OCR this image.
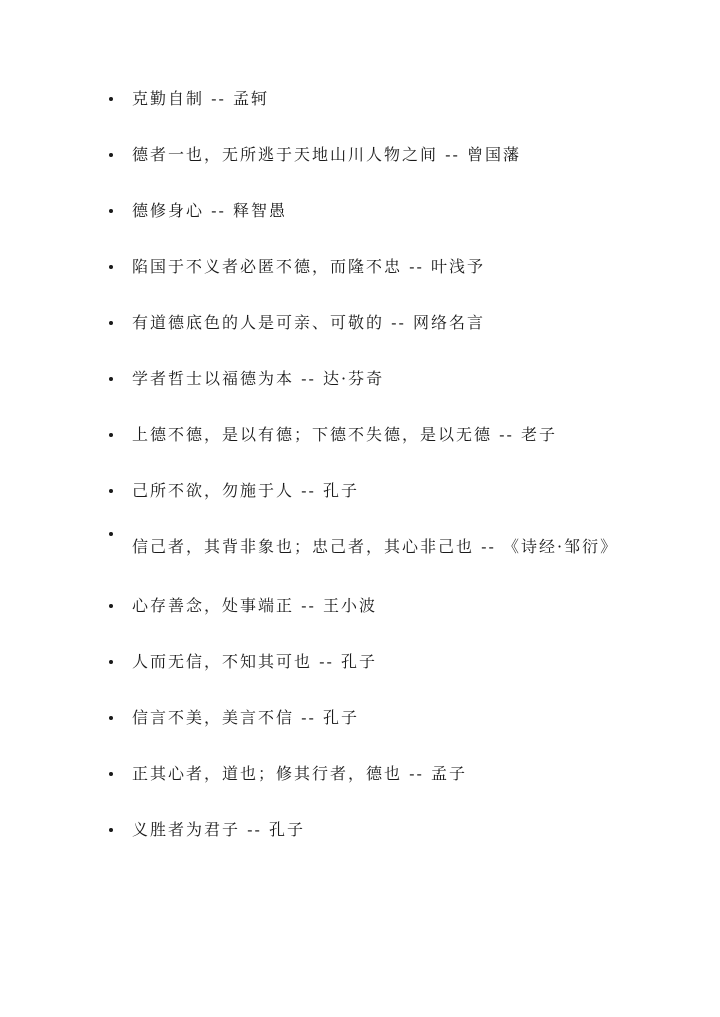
克勤自制 -- 孟轲
德者一也，无所逃于天地山川人物之间 -- 曾国藩
德修身心 -- 释智愚
陷国于不义者必匿不德，而隆不忠 -- 叶浅予
有道德底色的人是可亲、可敬的 -- 网络名言
学者哲士以福德为本 -- 达·芬奇
上德不德，是以有德；下德不失德，是以无德 -- 老子
己所不欲，勿施于人 -- 孔子
信己者，其背非象也；忠己者，其心非己也 -- 《诗经·邹衍》
心存善念，处事端正 -- 王小波
人而无信，不知其可也 -- 孔子
信言不美，美言不信 -- 孔子
正其心者，道也；修其行者，德也 -- 孟子
义胜者为君子 -- 孔子
